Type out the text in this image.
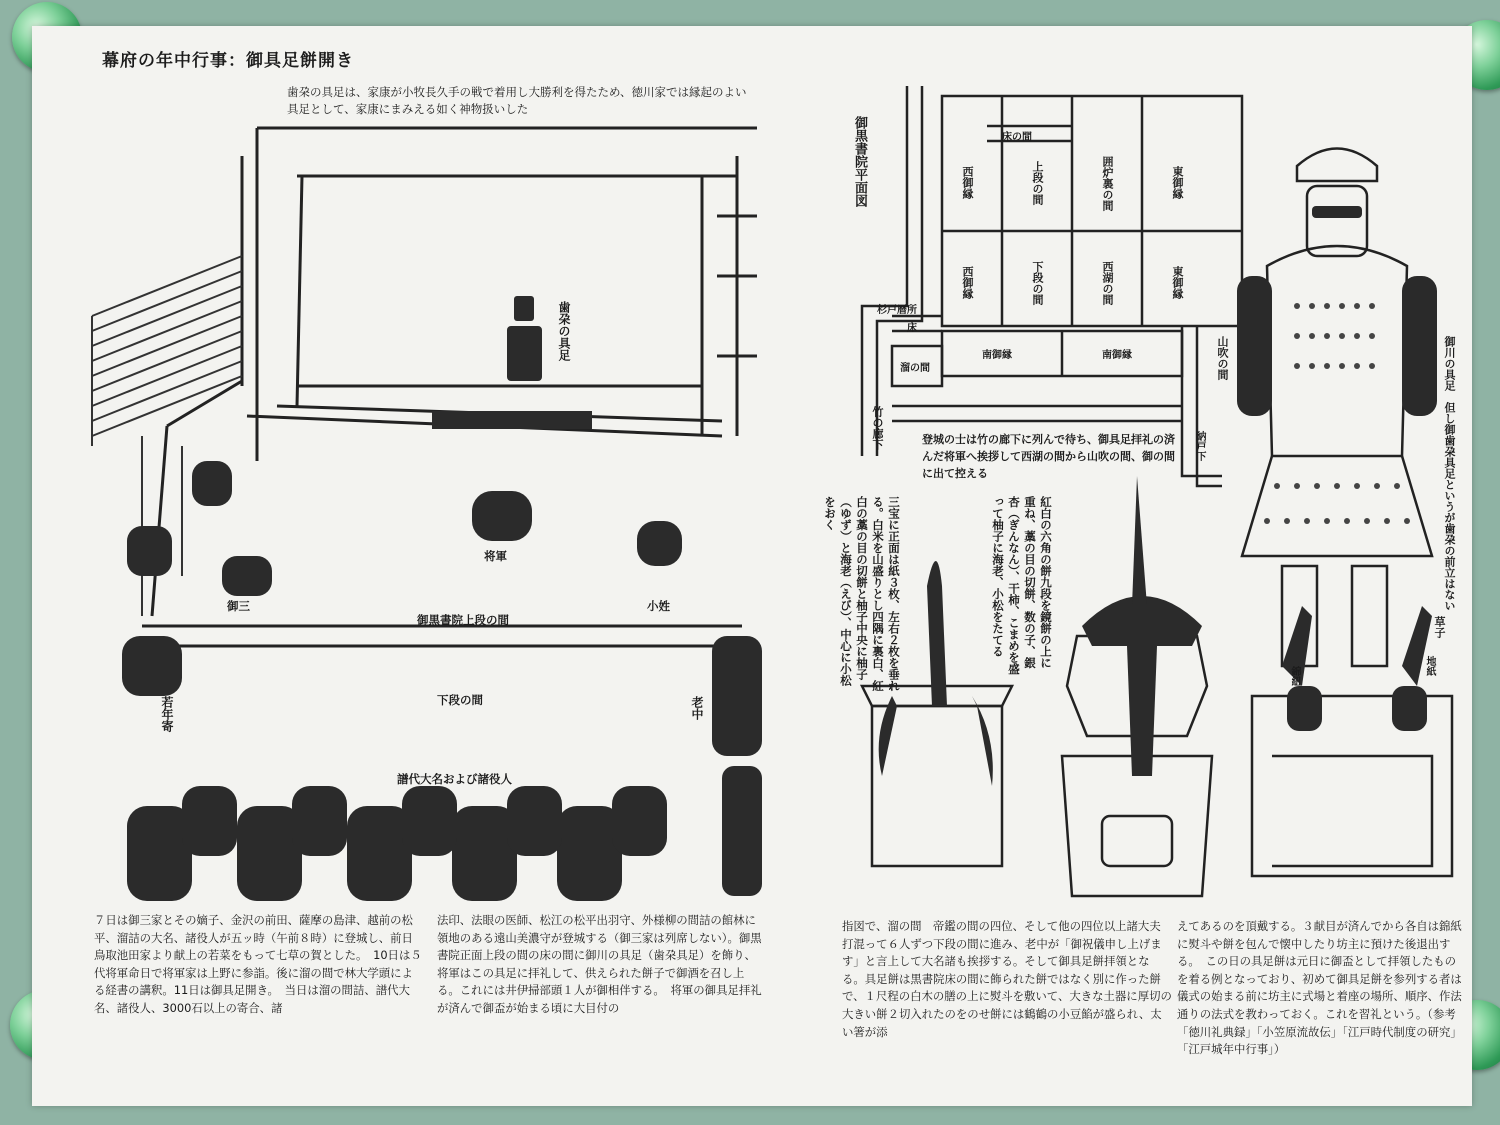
幕府の年中行事：御具足餅開き
歯朶の具足は、家康が小牧長久手の戦で着用し大勝利を得たため、徳川家では縁起のよい具足として、家康にまみえる如く神物扱いした
歯朶の具足
将軍
御三	小姓
御黒書院上段の間
下段の間
若年寄	老中
譜代大名および諸役人
御黒書院平面図	床の間
西御縁	上段の間	囲炉裏の間	東御縁
西御縁	下段の間	西湖の間	東御縁
南御縁	南御縁
溜の間
杉戸暦所
床
竹の廊下
山吹の間
納戸下
登城の士は竹の廊下に列んで待ち、御具足拝礼の済んだ将軍へ挨拶して西湖の間から山吹の間、御の間に出て控える	御川の具足　但し御歯朶具足というが歯朶の前立はない
草子
錦紐	地紙
紅白の六角の餅九段を鏡餅の上に重ね、藁の目の切餅、数の子、銀杏（ぎんなん）、干柿、こまめを盛って柚子に海老、小松をたてる
三宝に正面は紙３枚、左右２枚を垂れる。白米を山盛りとし四隅に裏白、紅白の藁の目の切餅と柚子中央に柚子（ゆず）と海老（えび）、中心に小松をおく
７日は御三家とその嫡子、金沢の前田、薩摩の島津、越前の松平、溜詰の大名、諸役人が五ッ時（午前８時）に登城し、前日鳥取池田家より献上の若菜をもって七草の賀とした。　10日は５代将軍命日で将軍家は上野に参詣。後に溜の間で林大学頭による経書の講釈。11日は御具足開き。　当日は溜の間詰、譜代大名、諸役人、3000石以上の寄合、諸
法印、法眼の医師、松江の松平出羽守、外様柳の間詰の館林に領地のある遠山美濃守が登城する（御三家は列席しない）。御黒書院正面上段の間の床の間に御川の具足（歯朶具足）を飾り、将軍はこの具足に拝礼して、供えられた餅子で御酒を召し上る。これには井伊掃部頭１人が御相伴する。　将軍の御具足拝礼が済んで御盃が始まる頃に大目付の
指図で、溜の間　帝鑑の間の四位、そして他の四位以上諸大夫打混って６人ずつ下段の間に進み、老中が「御祝儀申し上げます」と言上して大名諸も挨拶する。そして御具足餅拝領となる。具足餅は黒書院床の間に飾られた餅ではなく別に作った餅で、１尺程の白木の膳の上に熨斗を敷いて、大きな土器に厚切の大きい餅２切入れたのをのせ餅には鶴鶴の小豆餡が盛られ、太い箸が添
えてあるのを頂戴する。３献目が済んでから各自は錦紙に熨斗や餅を包んで懐中したり坊主に預けた後退出する。　この日の具足餅は元日に御盃として拝領したものを着る例となっており、初めて御具足餅を参列する者は儀式の始まる前に坊主に式場と着座の場所、順序、作法通りの法式を教わっておく。これを習礼という。（参考「徳川礼典録」「小笠原流故伝」「江戸時代制度の研究」「江戸城年中行事」）
